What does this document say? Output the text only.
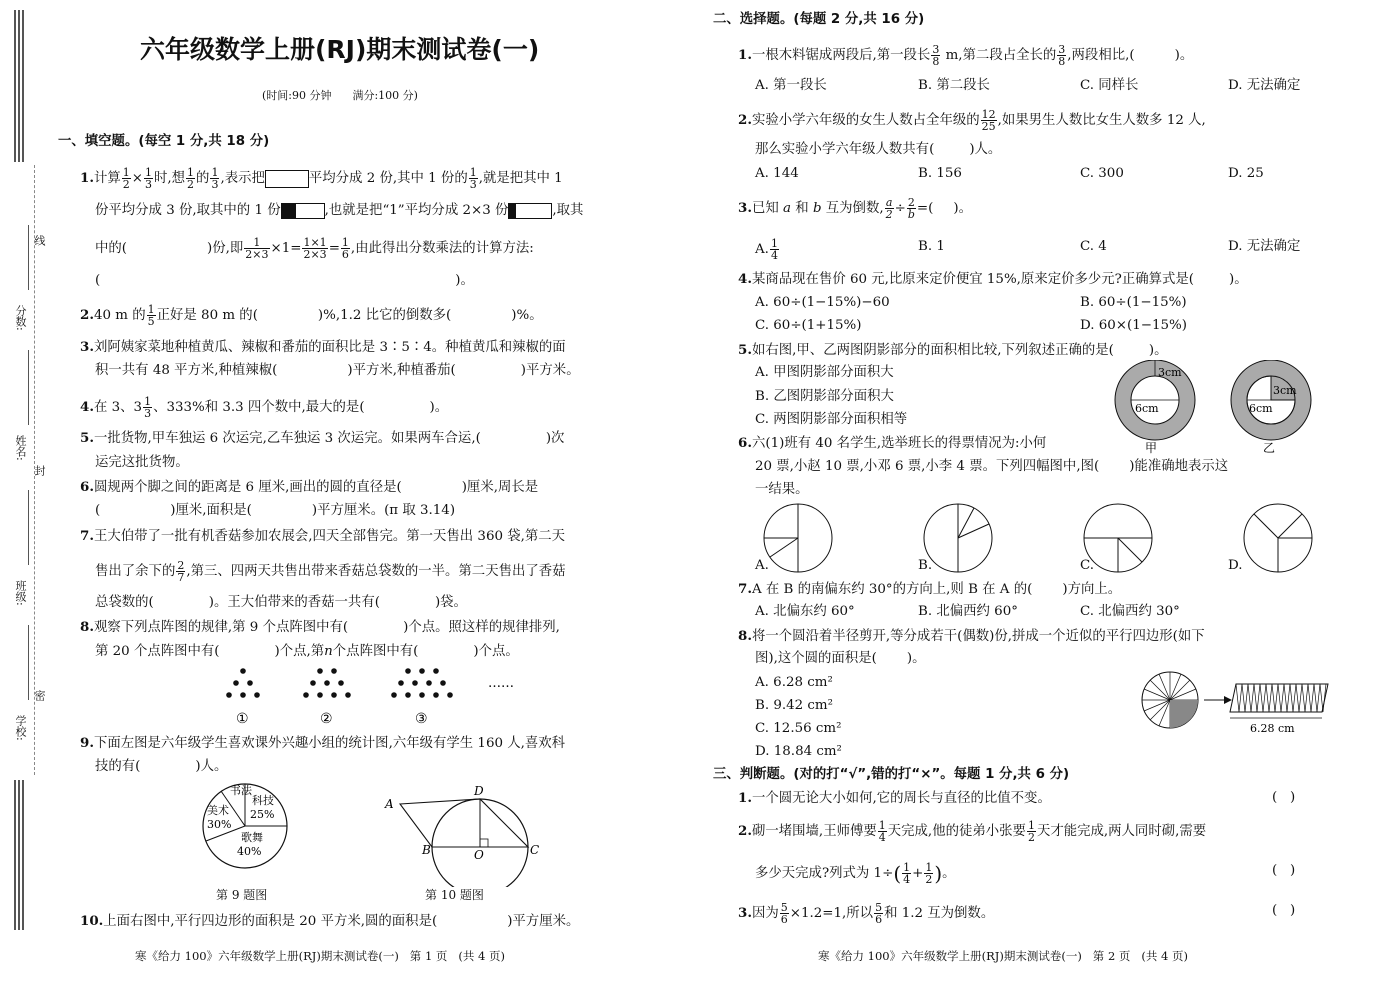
分数:
姓名:
班级:
学校:
线
封
密
六年级数学上册(RJ)期末测试卷(一)
(时间:90 分钟      满分:100 分)
一、填空题。(每空 1 分,共 18 分)
1.计算 $\frac{1}{2} \times \frac{1}{3}$ 时,想 $\frac{1}{2}$ 的 $\frac{1}{3}$ ,表示把	平均分成 2 份,其中 1 份的 $\frac{1}{3}$ ,就是把其中 1
份平均分成 3 份,取其中的 1 份	,也就是把“1”平均分成 2×3 份	,取其
中的(	)份,即 $\frac{1}{2\times 3} \times 1= \frac{1\times 1}{2\times 3} = \frac{1}{6}$ ,由此得出分数乘法的计算方法:
(	)。
2.40 m 的 $\frac{1}{5}$ 正好是 80 m 的(	)%,1.2 比它的倒数多(	)%。
3.刘阿姨家菜地种植黄瓜、辣椒和番茄的面积比是 3∶5∶4。种植黄瓜和辣椒的面
积一共有 48 平方米,种植辣椒(	)平方米,种植番茄(	)平方米。
4.在 3、$3 \frac{1}{3}$ 、333%和 3.3 四个数中,最大的是(	)。
5.一批货物,甲车独运 6 次运完,乙车独运 3 次运完。如果两车合运,(	)次
运完这批货物。
6.圆规两个脚之间的距离是 6 厘米,画出的圆的直径是(	)厘米,周长是
(	)厘米,面积是(	)平方厘米。(π 取 3.14)
7.王大伯带了一批有机香菇参加农展会,四天全部售完。第一天售出 360 袋,第二天
售出了余下的 $\frac{2}{7}$ ,第三、四两天共售出带来香菇总袋数的一半。第二天售出了香菇
总袋数的(	)。王大伯带来的香菇一共有(	)袋。
8.观察下列点阵图的规律,第 9 个点阵图中有(	)个点。照这样的规律排列,
第 20 个点阵图中有(	)个点,第n个点阵图中有(	)个点。
①	②	③
……
9.下面左图是六年级学生喜欢课外兴趣小组的统计图,六年级有学生 160 人,喜欢科
技的有(	)人。
书法
科技
25%
美术
30%
歌舞
40%
第 9 题图
A
D
B	O	C
第 10 题图
10.上面右图中,平行四边形的面积是 20 平方米,圆的面积是(	)平方厘米。
寒《给力 100》六年级数学上册(RJ)期末测试卷(一)   第 1 页   (共 4 页)
二、选择题。(每题 2 分,共 16 分)
1.一根木料锯成两段后,第一段长 $\frac{3}{8} m$,第二段占全长的 $\frac{3}{8}$ ,两段相比,(	)。
A. 第一段长	B. 第二段长	C. 同样长	D. 无法确定
2.实验小学六年级的女生人数占全年级的 $\frac{12}{25}$ ,如果男生人数比女生人数多 12 人,
那么实验小学六年级人数共有(	)人。
A. 144	B. 156	C. 300	D. 25
3.已知 a 和 b 互为倒数, $\frac{a}{2} \div \frac{2}{b}$ =( )。
A. $\frac{1}{4}$	B. 1	C. 4	D. 无法确定
4.某商品现在售价 60 元,比原来定价便宜 15%,原来定价多少元?正确算式是(	)。
A. 60÷(1−15%)−60	B. 60÷(1−15%)
C. 60÷(1+15%)	D. 60×(1−15%)
5.如右图,甲、乙两图阴影部分的面积相比较,下列叙述正确的是(	)。
A. 甲图阴影部分面积大
B. 乙图阴影部分面积大
C. 两图阴影部分面积相等
3cm
6cm
甲
3cm
6cm
乙
6.六(1)班有 40 名学生,选举班长的得票情况为:小何
20 票,小赵 10 票,小邓 6 票,小李 4 票。下列四幅图中,图( )能准确地表示这
一结果。
A.	B.	C.	D.
7.A 在 B 的南偏东约 30°的方向上,则 B 在 A 的( )方向上。
A. 北偏东约 60°	B. 北偏西约 60°	C. 北偏西约 30°
8.将一个圆沿着半径剪开,等分成若干(偶数)份,拼成一个近似的平行四边形(如下
图),这个圆的面积是( )。
A. 6.28 cm²
B. 9.42 cm²
C. 12.56 cm²
D. 18.84 cm²
6.28 cm
三、判断题。(对的打“√”,错的打“×”。每题 1 分,共 6 分)
1.一个圆无论大小如何,它的周长与直径的比值不变。	(   )
2.砌一堵围墙,王师傅要 $\frac{1}{4}$ 天完成,他的徒弟小张要 $\frac{1}{2}$ 天才能完成,两人同时砌,需要
多少天完成?列式为 $1\div( \frac{1}{4} + \frac{1}{2}$ )。	(   )
3.因为 $\frac{5}{6} \times 1.2=1$,所以 $\frac{5}{6}$ 和 1.2 互为倒数。	(   )
寒《给力 100》六年级数学上册(RJ)期末测试卷(一)   第 2 页   (共 4 页)
